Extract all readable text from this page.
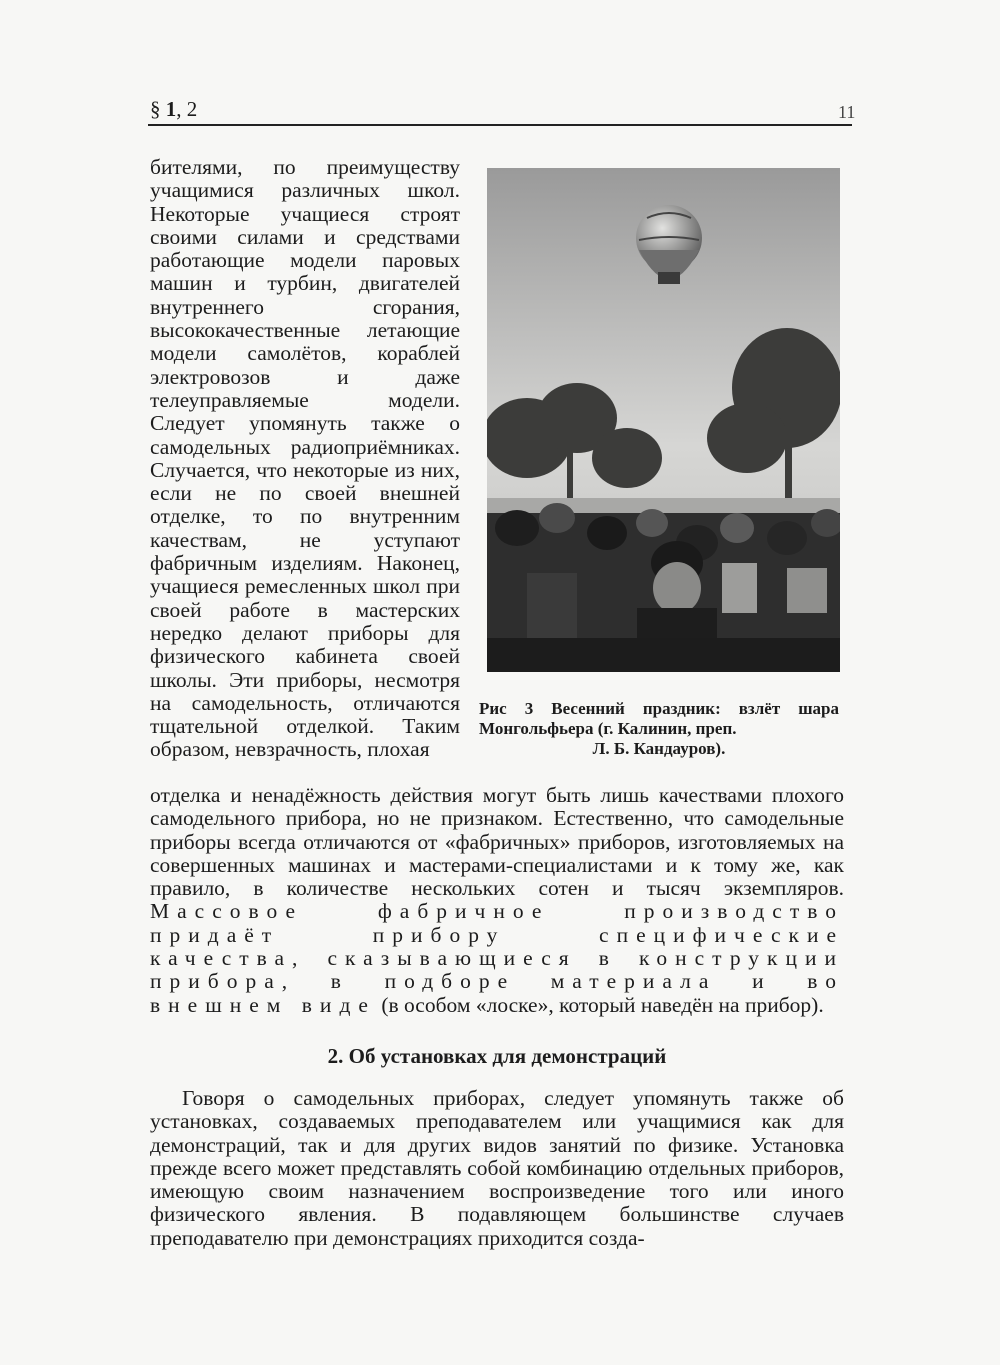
§ 1, 2	11

бителями, по преимуществу учащимися различных школ. Некоторые учащиеся строят своими силами и средствами работающие модели паровых машин и турбин, двигателей внутреннего сгорания, высококачественные летающие модели самолётов, кораблей электровозов и даже телеуправляемые модели. Следует упомянуть также о самодельных радиоприёмниках. Случается, что некоторые из них, если не по своей внешней отделке, то по внутренним качествам, не уступают фабричным изделиям. Наконец, учащиеся ремесленных школ при своей работе в мастерских нередко делают приборы для физического кабинета своей школы. Эти приборы, несмотря на самодельность, отличаются тщательной отделкой. Таким образом, невзрачность, плохая

Рис 3 Весенний праздник: взлёт шара Монгольфьера (г. Калинин, преп.

Л. Б. Кандауров).

отделка и ненадёжность действия могут быть лишь качествами плохого самодельного прибора, но не признаком. Естественно, что самодельные приборы всегда отличаются от «фабричных» приборов, изготовляемых на совершенных машинах и мастерами-специалистами и к тому же, как правило, в количестве нескольких сотен и тысяч экземпляров. Массовое фабричное производство придаёт прибору специфические качества, сказывающиеся в конструкции прибора, в подборе материала и во внешнем виде (в особом «лоске», который наведён на прибор).

2. Об установках для демонстраций

Говоря о самодельных приборах, следует упомянуть также об установках, создаваемых преподавателем или учащимися как для демонстраций, так и для других видов занятий по физике. Установка прежде всего может представлять собой комбинацию отдельных приборов, имеющую своим назначением воспроизведение того или иного физического явления. В подавляющем большинстве случаев преподавателю при демонстрациях приходится созда-
